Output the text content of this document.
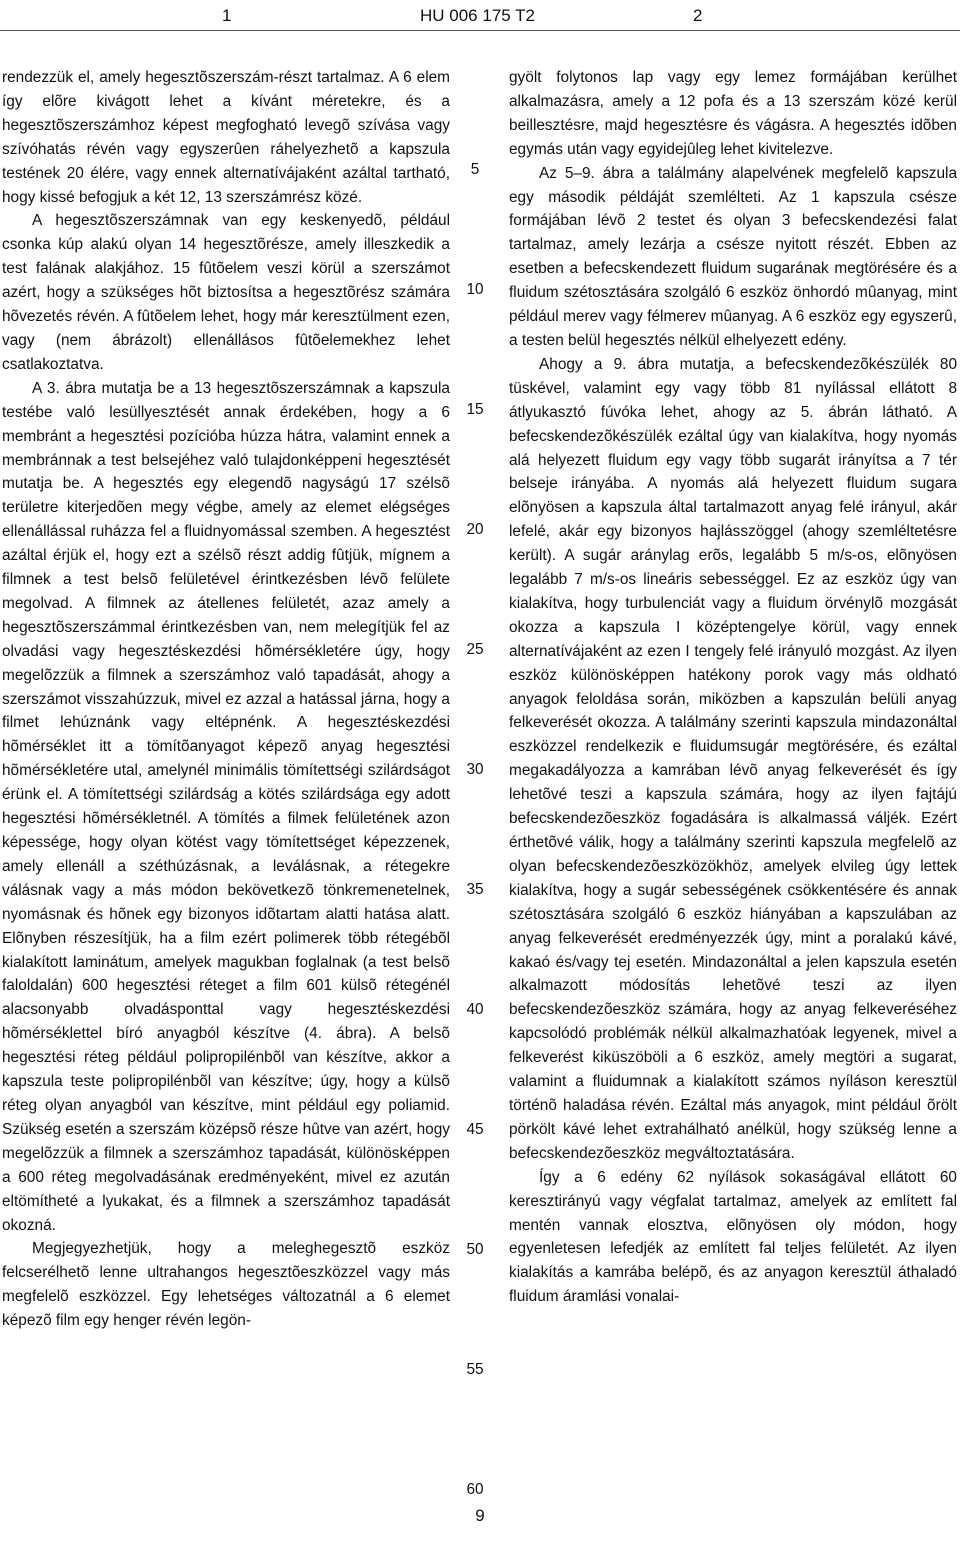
1	HU 006 175 T2	2

rendezzük el, amely hegesztõszerszám-részt tartalmaz. A 6 elem így elõre kivágott lehet a kívánt méretekre, és a hegesztõszerszámhoz képest megfogható levegõ szívása vagy szívóhatás révén vagy egyszerûen ráhelyezhetõ a kapszula testének 20 élére, vagy ennek alternatívájaként azáltal tartható, hogy kissé befogjuk a két 12, 13 szerszámrész közé.

A hegesztõszerszámnak van egy keskenyedõ, például csonka kúp alakú olyan 14 hegesztõrésze, amely illeszkedik a test falának alakjához. 15 fûtõelem veszi körül a szerszámot azért, hogy a szükséges hõt biztosítsa a hegesztõrész számára hõvezetés révén. A fûtõelem lehet, hogy már keresztülment ezen, vagy (nem ábrázolt) ellenállásos fûtõelemekhez lehet csatlakoztatva.

A 3. ábra mutatja be a 13 hegesztõszerszámnak a kapszula testébe való lesüllyesztését annak érdekében, hogy a 6 membránt a hegesztési pozícióba húzza hátra, valamint ennek a membránnak a test belsejéhez való tulajdonképpeni hegesztését mutatja be. A hegesztés egy elegendõ nagyságú 17 szélsõ területre kiterjedõen megy végbe, amely az elemet elégséges ellenállással ruházza fel a fluidnyomással szemben. A hegesztést azáltal érjük el, hogy ezt a szélsõ részt addig fûtjük, mígnem a filmnek a test belsõ felületével érintkezésben lévõ felülete megolvad. A filmnek az átellenes felületét, azaz amely a hegesztõszerszámmal érintkezésben van, nem melegítjük fel az olvadási vagy hegesztéskezdési hõmérsékletére úgy, hogy megelõzzük a filmnek a szerszámhoz való tapadását, ahogy a szerszámot visszahúzzuk, mivel ez azzal a hatással járna, hogy a filmet lehúznánk vagy eltépnénk. A hegesztéskezdési hõmérséklet itt a tömítõanyagot képezõ anyag hegesztési hõmérsékletére utal, amelynél minimális tömítettségi szilárdságot érünk el. A tömítettségi szilárdság a kötés szilárdsága egy adott hegesztési hõmérsékletnél. A tömítés a filmek felületének azon képessége, hogy olyan kötést vagy tömítettséget képezzenek, amely ellenáll a széthúzásnak, a leválásnak, a rétegekre válásnak vagy a más módon bekövetkezõ tönkremenetelnek, nyomásnak és hõnek egy bizonyos idõtartam alatti hatása alatt. Elõnyben részesítjük, ha a film ezért polimerek több rétegébõl kialakított laminátum, amelyek magukban foglalnak (a test belsõ faloldalán) 600 hegesztési réteget a film 601 külsõ rétegénél alacsonyabb olvadásponttal vagy hegesztéskezdési hõmérséklettel bíró anyagból készítve (4. ábra). A belsõ hegesztési réteg például polipropilénbõl van készítve, akkor a kapszula teste polipropilénbõl van készítve; úgy, hogy a külsõ réteg olyan anyagból van készítve, mint például egy poliamid. Szükség esetén a szerszám középsõ része hûtve van azért, hogy megelõzzük a filmnek a szerszámhoz tapadását, különösképpen a 600 réteg megolvadásának eredményeként, mivel ez azután eltömítheté a lyukakat, és a filmnek a szerszámhoz tapadását okozná.

Megjegyezhetjük, hogy a meleghegesztõ eszköz felcserélhetõ lenne ultrahangos hegesztõeszközzel vagy más megfelelõ eszközzel. Egy lehetséges változatnál a 6 elemet képezõ film egy henger révén legön-

gyölt folytonos lap vagy egy lemez formájában kerülhet alkalmazásra, amely a 12 pofa és a 13 szerszám közé kerül beillesztésre, majd hegesztésre és vágásra. A hegesztés idõben egymás után vagy egyidejûleg lehet kivitelezve.

Az 5–9. ábra a találmány alapelvének megfelelõ kapszula egy második példáját szemlélteti. Az 1 kapszula csésze formájában lévõ 2 testet és olyan 3 befecskendezési falat tartalmaz, amely lezárja a csésze nyitott részét. Ebben az esetben a befecskendezett fluidum sugarának megtörésére és a fluidum szétosztására szolgáló 6 eszköz önhordó mûanyag, mint például merev vagy félmerev mûanyag. A 6 eszköz egy egyszerû, a testen belül hegesztés nélkül elhelyezett edény.

Ahogy a 9. ábra mutatja, a befecskendezõkészülék 80 tüskével, valamint egy vagy több 81 nyílással ellátott 8 átlyukasztó fúvóka lehet, ahogy az 5. ábrán látható. A befecskendezõkészülék ezáltal úgy van kialakítva, hogy nyomás alá helyezett fluidum egy vagy több sugarát irányítsa a 7 tér belseje irányába. A nyomás alá helyezett fluidum sugara elõnyösen a kapszula által tartalmazott anyag felé irányul, akár lefelé, akár egy bizonyos hajlásszöggel (ahogy szemléltetésre került). A sugár aránylag erõs, legalább 5 m/s-os, elõnyösen legalább 7 m/s-os lineáris sebességgel. Ez az eszköz úgy van kialakítva, hogy turbulenciát vagy a fluidum örvénylõ mozgását okozza a kapszula I középtengelye körül, vagy ennek alternatívájaként az ezen I tengely felé irányuló mozgást. Az ilyen eszköz különösképpen hatékony porok vagy más oldható anyagok feloldása során, miközben a kapszulán belüli anyag felkeverését okozza. A találmány szerinti kapszula mindazonáltal eszközzel rendelkezik e fluidumsugár megtörésére, és ezáltal megakadályozza a kamrában lévõ anyag felkeverését és így lehetõvé teszi a kapszula számára, hogy az ilyen fajtájú befecskendezõeszköz fogadására is alkalmassá váljék. Ezért érthetõvé válik, hogy a találmány szerinti kapszula megfelelõ az olyan befecskendezõeszközökhöz, amelyek elvileg úgy lettek kialakítva, hogy a sugár sebességének csökkentésére és annak szétosztására szolgáló 6 eszköz hiányában a kapszulában az anyag felkeverését eredményezzék úgy, mint a poralakú kávé, kakaó és/vagy tej esetén. Mindazonáltal a jelen kapszula esetén alkalmazott módosítás lehetõvé teszi az ilyen befecskendezõeszköz számára, hogy az anyag felkeveréséhez kapcsolódó problémák nélkül alkalmazhatóak legyenek, mivel a felkeverést kiküszöböli a 6 eszköz, amely megtöri a sugarat, valamint a fluidumnak a kialakított számos nyíláson keresztül történõ haladása révén. Ezáltal más anyagok, mint például õrölt pörkölt kávé lehet extrahálható anélkül, hogy szükség lenne a befecskendezõeszköz megváltoztatására.

Így a 6 edény 62 nyílások sokaságával ellátott 60 keresztirányú vagy végfalat tartalmaz, amelyek az említett fal mentén vannak elosztva, elõnyösen oly módon, hogy egyenletesen lefedjék az említett fal teljes felületét. Az ilyen kialakítás a kamrába belépõ, és az anyagon keresztül áthaladó fluidum áramlási vonalai-

5
10
15
20
25
30
35
40
45
50
55
60
9
